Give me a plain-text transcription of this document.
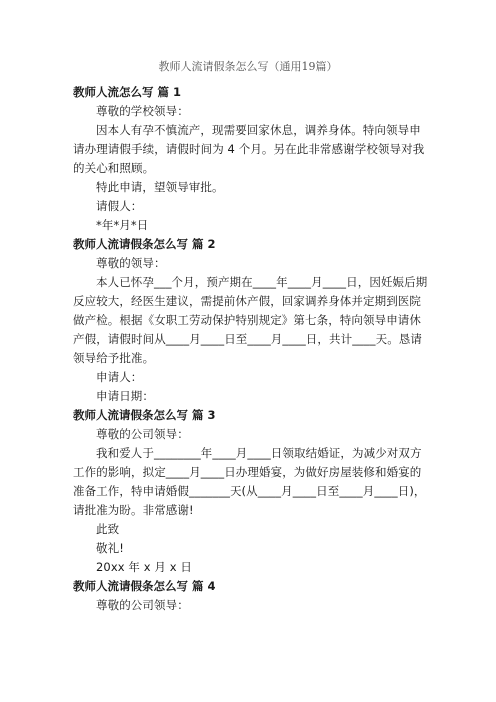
教师人流请假条怎么写（通用19篇）
教师人流怎么写 篇 1

尊敬的学校领导：

因本人有孕不慎流产，现需要回家休息，调养身体。特向领导申请办理请假手续，请假时间为 4 个月。另在此非常感谢学校领导对我的关心和照顾。

特此申请，望领导审批。

请假人：

*年*月*日

教师人流请假条怎么写 篇 2

尊敬的领导：

本人已怀孕___个月，预产期在____年____月____日，因妊娠后期反应较大，经医生建议，需提前休产假，回家调养身体并定期到医院做产检。根据《女职工劳动保护特别规定》第七条，特向领导申请休产假，请假时间从____月____日至____月____日，共计____天。恳请领导给予批准。

申请人：

申请日期：

教师人流请假条怎么写 篇 3

尊敬的公司领导：

我和爱人于________年____月____日领取结婚证，为减少对双方工作的影响，拟定____月____日办理婚宴，为做好房屋装修和婚宴的准备工作，特申请婚假_______天(从____月____日至____月____日)，请批准为盼。非常感谢!

此致

敬礼!

20xx 年 x 月 x 日

教师人流请假条怎么写 篇 4

尊敬的公司领导：
